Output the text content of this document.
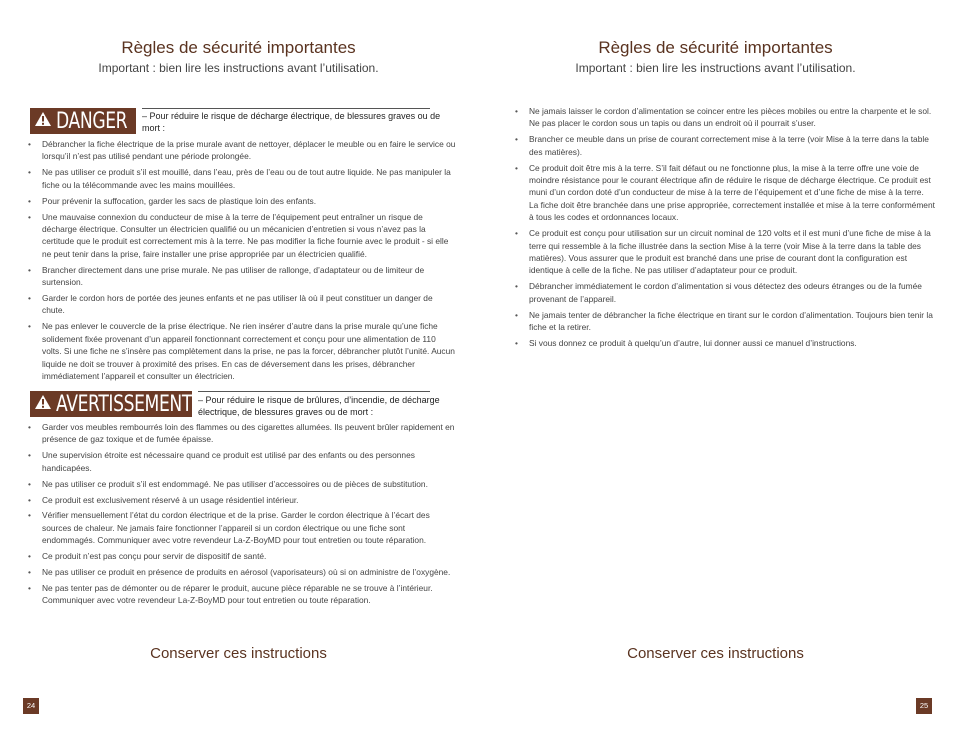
Règles de sécurité importantes
Important : bien lire les instructions avant l’utilisation.
DANGER – Pour réduire le risque de décharge électrique, de blessures graves ou de mort :
• Débrancher la fiche électrique de la prise murale avant de nettoyer, déplacer le meuble ou en faire le service ou lorsqu’il n’est pas utilisé pendant une période prolongée.
• Ne pas utiliser ce produit s’il est mouillé, dans l’eau, près de l’eau ou de tout autre liquide. Ne pas manipuler la fiche ou la télécommande avec les mains mouillées.
• Pour prévenir la suffocation, garder les sacs de plastique loin des enfants.
• Une mauvaise connexion du conducteur de mise à la terre de l’équipement peut entraîner un risque de décharge électrique. Consulter un électricien qualifié ou un mécanicien d’entretien si vous n’avez pas la certitude que le produit est correctement mis à la terre. Ne pas modifier la fiche fournie avec le produit - si elle ne peut tenir dans la prise, faire installer une prise appropriée par un électricien qualifié.
• Brancher directement dans une prise murale. Ne pas utiliser de rallonge, d’adaptateur ou de limiteur de surtension.
• Garder le cordon hors de portée des jeunes enfants et ne pas utiliser là où il peut constituer un danger de chute.
• Ne pas enlever le couvercle de la prise électrique. Ne rien insérer d’autre dans la prise murale qu’une fiche solidement fixée provenant d’un appareil fonctionnant correctement et conçu pour une alimentation de 110 volts. Si une fiche ne s’insère pas complètement dans la prise, ne pas la forcer, débrancher plutôt l’unité. Aucun liquide ne doit se trouver à proximité des prises. En cas de déversement dans les prises, débrancher immédiatement l’appareil et consulter un électricien.
AVERTISSEMENT – Pour réduire le risque de brûlures, d’incendie, de décharge électrique, de blessures graves ou de mort :
• Garder vos meubles rembourrés loin des flammes ou des cigarettes allumées. Ils peuvent brûler rapidement en présence de gaz toxique et de fumée épaisse.
• Une supervision étroite est nécessaire quand ce produit est utilisé par des enfants ou des personnes handicapées.
• Ne pas utiliser ce produit s’il est endommagé. Ne pas utiliser d’accessoires ou de pièces de substitution.
• Ce produit est exclusivement réservé à un usage résidentiel intérieur.
• Vérifier mensuellement l’état du cordon électrique et de la prise. Garder le cordon électrique à l’écart des sources de chaleur. Ne jamais faire fonctionner l’appareil si un cordon électrique ou une fiche sont endommagés. Communiquer avec votre revendeur La-Z-BoyMD pour tout entretien ou toute réparation.
• Ce produit n’est pas conçu pour servir de dispositif de santé.
• Ne pas utiliser ce produit en présence de produits en aérosol (vaporisateurs) où si on administre de l’oxygène.
• Ne pas tenter pas de démonter ou de réparer le produit, aucune pièce réparable ne se trouve à l’intérieur. Communiquer avec votre revendeur La-Z-BoyMD pour tout entretien ou toute réparation.
Conserver ces instructions
24
Règles de sécurité importantes
Important : bien lire les instructions avant l’utilisation.
• Ne jamais laisser le cordon d’alimentation se coincer entre les pièces mobiles ou entre la charpente et le sol. Ne pas placer le cordon sous un tapis ou dans un endroit où il pourrait s’user.
• Brancher ce meuble dans un prise de courant correctement mise à la terre (voir Mise à la terre dans la table des matières).
• Ce produit doit être mis à la terre. S’il fait défaut ou ne fonctionne plus, la mise à la terre offre une voie de moindre résistance pour le courant électrique afin de réduire le risque de décharge électrique. Ce produit est muni d’un cordon doté d’un conducteur de mise à la terre de l’équipement et d’une fiche de mise à la terre. La fiche doit être branchée dans une prise appropriée, correctement installée et mise à la terre conformément à tous les codes et ordonnances locaux.
• Ce produit est conçu pour utilisation sur un circuit nominal de 120 volts et il est muni d’une fiche de mise à la terre qui ressemble à la fiche illustrée dans la section Mise à la terre (voir Mise à la terre dans la table des matières). Vous assurer que le produit est branché dans une prise de courant dont la configuration est identique à celle de la fiche. Ne pas utiliser d’adaptateur pour ce produit.
• Débrancher immédiatement le cordon d’alimentation si vous détectez des odeurs étranges ou de la fumée provenant de l’appareil.
• Ne jamais tenter de débrancher la fiche électrique en tirant sur le cordon d’alimentation. Toujours bien tenir la fiche et la retirer.
• Si vous donnez ce produit à quelqu’un d’autre, lui donner aussi ce manuel d’instructions.
Conserver ces instructions
25
